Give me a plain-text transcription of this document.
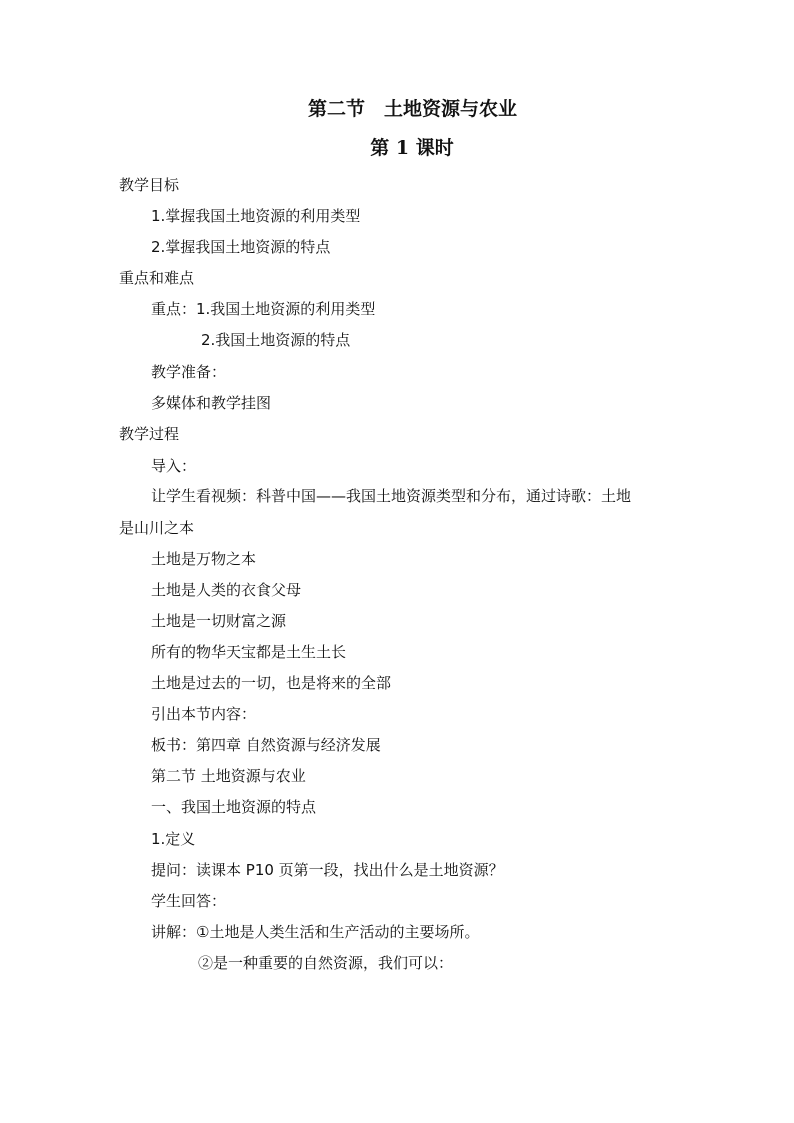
第二节　土地资源与农业
第 1 课时
教学目标
1.掌握我国土地资源的利用类型
2.掌握我国土地资源的特点
重点和难点
重点：1.我国土地资源的利用类型
2.我国土地资源的特点
教学准备：
多媒体和教学挂图
教学过程
导入：
让学生看视频：科普中国——我国土地资源类型和分布，通过诗歌：土地
是山川之本
土地是万物之本
土地是人类的衣食父母
土地是一切财富之源
所有的物华天宝都是土生土长
土地是过去的一切，也是将来的全部
引出本节内容：
板书：第四章 自然资源与经济发展
第二节 土地资源与农业
一、我国土地资源的特点
1.定义
提问：读课本 P10 页第一段，找出什么是土地资源？
学生回答：
讲解：①土地是人类生活和生产活动的主要场所。
②是一种重要的自然资源，我们可以：
